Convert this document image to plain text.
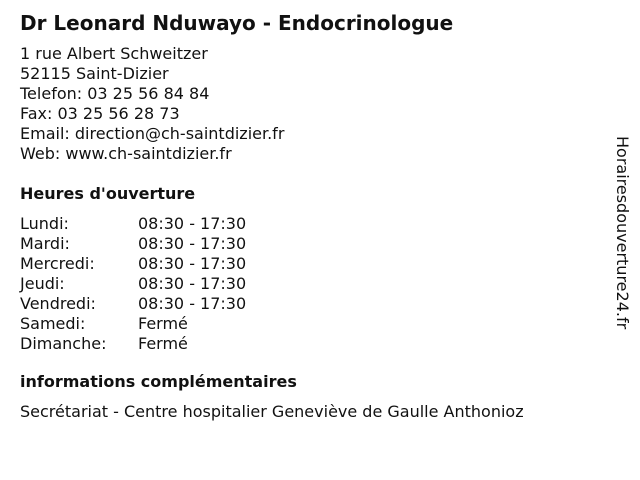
Dr Leonard Nduwayo - Endocrinologue
1 rue Albert Schweitzer
52115 Saint-Dizier
Telefon: 03 25 56 84 84
Fax: 03 25 56 28 73
Email: direction@ch-saintdizier.fr
Web: www.ch-saintdizier.fr
Heures d'ouverture
Lundi:	08:30 - 17:30
Mardi:	08:30 - 17:30
Mercredi:	08:30 - 17:30
Jeudi:	08:30 - 17:30
Vendredi:	08:30 - 17:30
Samedi:	Fermé
Dimanche:	Fermé
informations complémentaires
Secrétariat - Centre hospitalier Geneviève de Gaulle Anthonioz
Horairesdouverture24.fr
